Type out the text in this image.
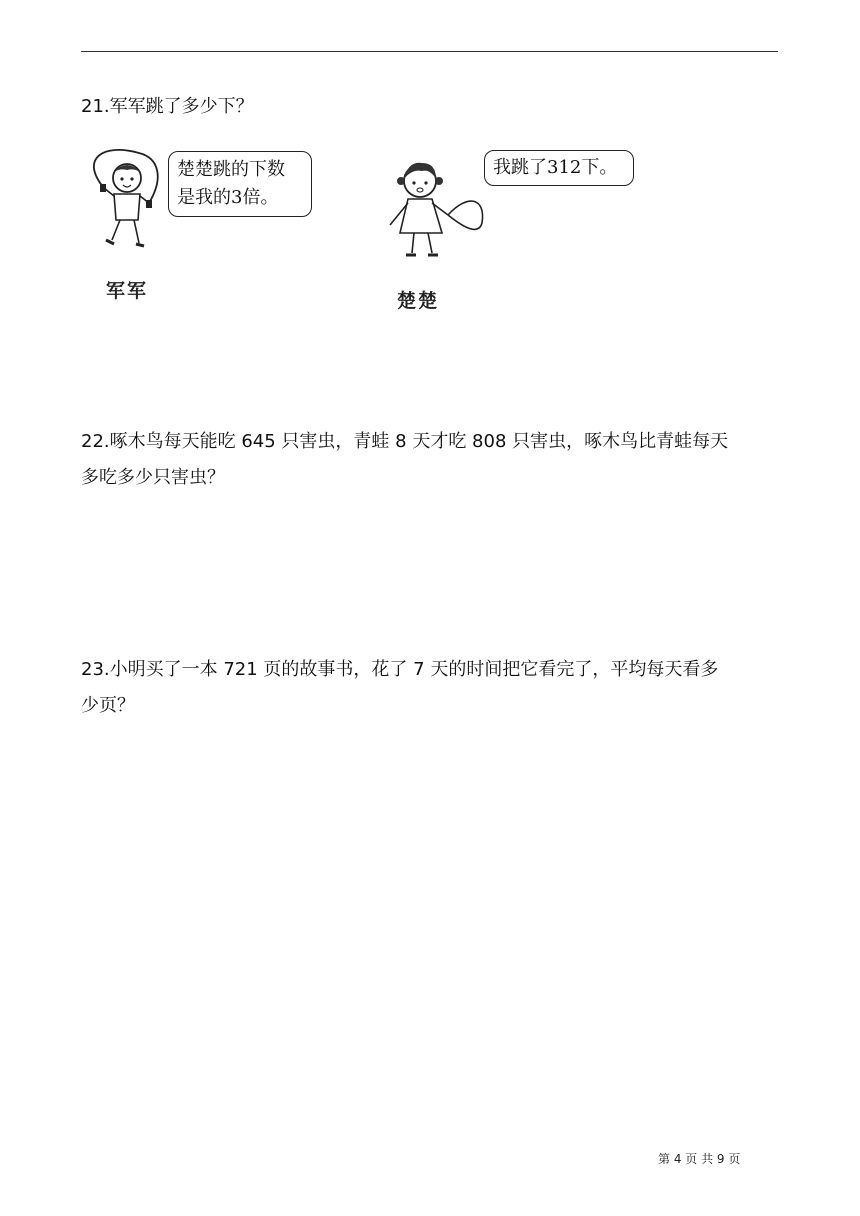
21.军军跳了多少下？
楚楚跳的下数
是我的3倍。
军军
我跳了312下。
楚楚
22.啄木鸟每天能吃 645 只害虫，青蛙 8 天才吃 808 只害虫，啄木鸟比青蛙每天
多吃多少只害虫？
23.小明买了一本 721 页的故事书，花了 7 天的时间把它看完了，平均每天看多
少页？
第 4 页 共 9 页
